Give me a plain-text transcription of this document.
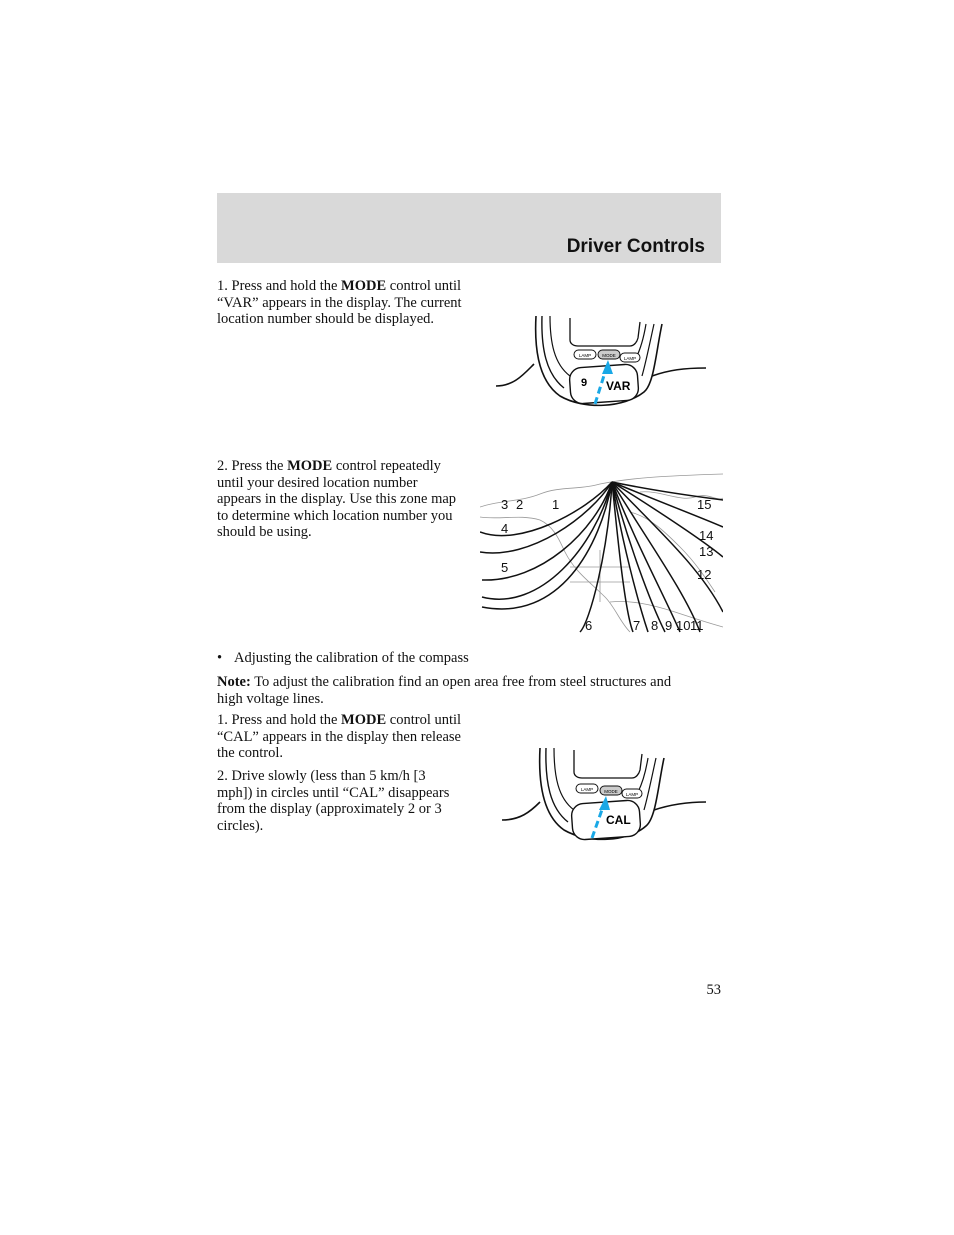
Driver Controls
1. Press and hold the MODE control until “VAR” appears in the display. The current location number should be displayed.
LAMP MODE
LAMP
9 VAR
2. Press the MODE control repeatedly until your desired location number appears in the display. Use this zone map to determine which location number you should be using.
1
2
3
4
5
6	7 8 9 10 11
12
13
14
15
• Adjusting the calibration of the compass
Note: To adjust the calibration find an open area free from steel structures and high voltage lines.
1. Press and hold the MODE control until “CAL” appears in the display then release the control.
2. Drive slowly (less than 5 km/h [3 mph]) in circles until “CAL” disappears from the display (approximately 2 or 3 circles).
LAMP MODE
LAMP
CAL
53
